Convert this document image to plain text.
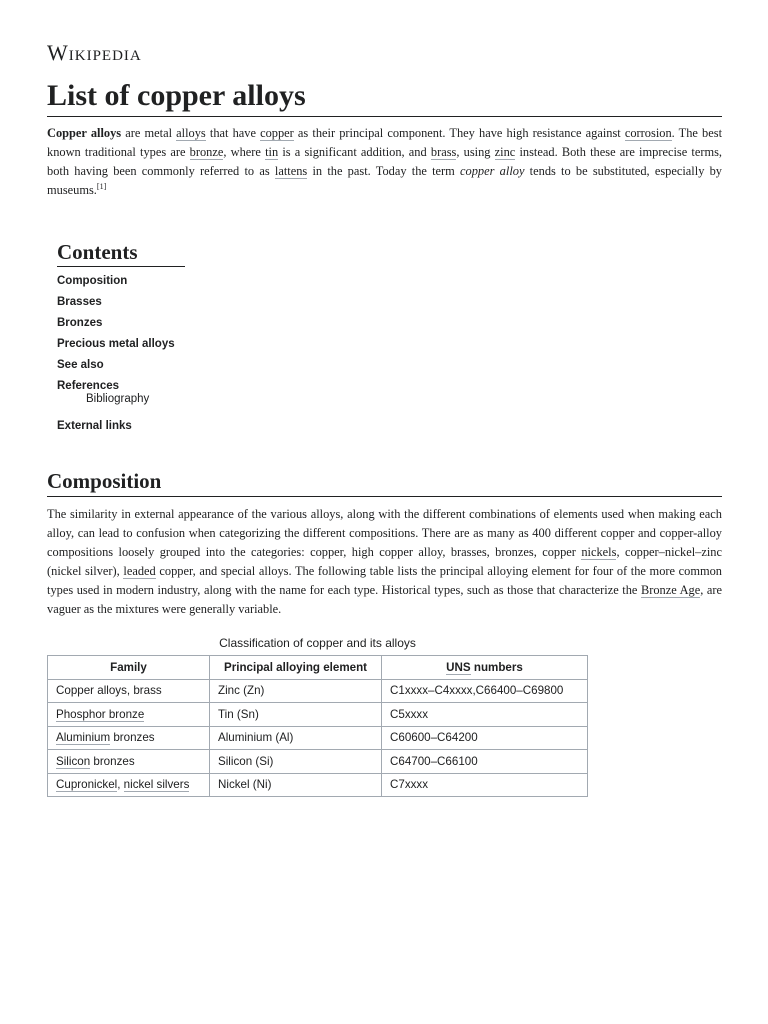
Wikipedia
List of copper alloys

Copper alloys are metal alloys that have copper as their principal component. They have high resistance against corrosion. The best known traditional types are bronze, where tin is a significant addition, and brass, using zinc instead. Both these are imprecise terms, both having been commonly referred to as lattens in the past. Today the term copper alloy tends to be substituted, especially by museums.[1]

Contents
Composition
Brasses
Bronzes
Precious metal alloys
See also
References
Bibliography
External links
Composition

The similarity in external appearance of the various alloys, along with the different combinations of elements used when making each alloy, can lead to confusion when categorizing the different compositions. There are as many as 400 different copper and copper-alloy compositions loosely grouped into the categories: copper, high copper alloy, brasses, bronzes, copper nickels, copper–nickel–zinc (nickel silver), leaded copper, and special alloys. The following table lists the principal alloying element for four of the more common types used in modern industry, along with the name for each type. Historical types, such as those that characterize the Bronze Age, are vaguer as the mixtures were generally variable.

Classification of copper and its alloys
Family	Principal alloying element	UNS numbers
Copper alloys, brass	Zinc (Zn)	C1xxxx–C4xxxx,C66400–C69800
Phosphor bronze	Tin (Sn)	C5xxxx
Aluminium bronzes	Aluminium (Al)	C60600–C64200
Silicon bronzes	Silicon (Si)	C64700–C66100
Cupronickel, nickel silvers	Nickel (Ni)	C7xxxx
